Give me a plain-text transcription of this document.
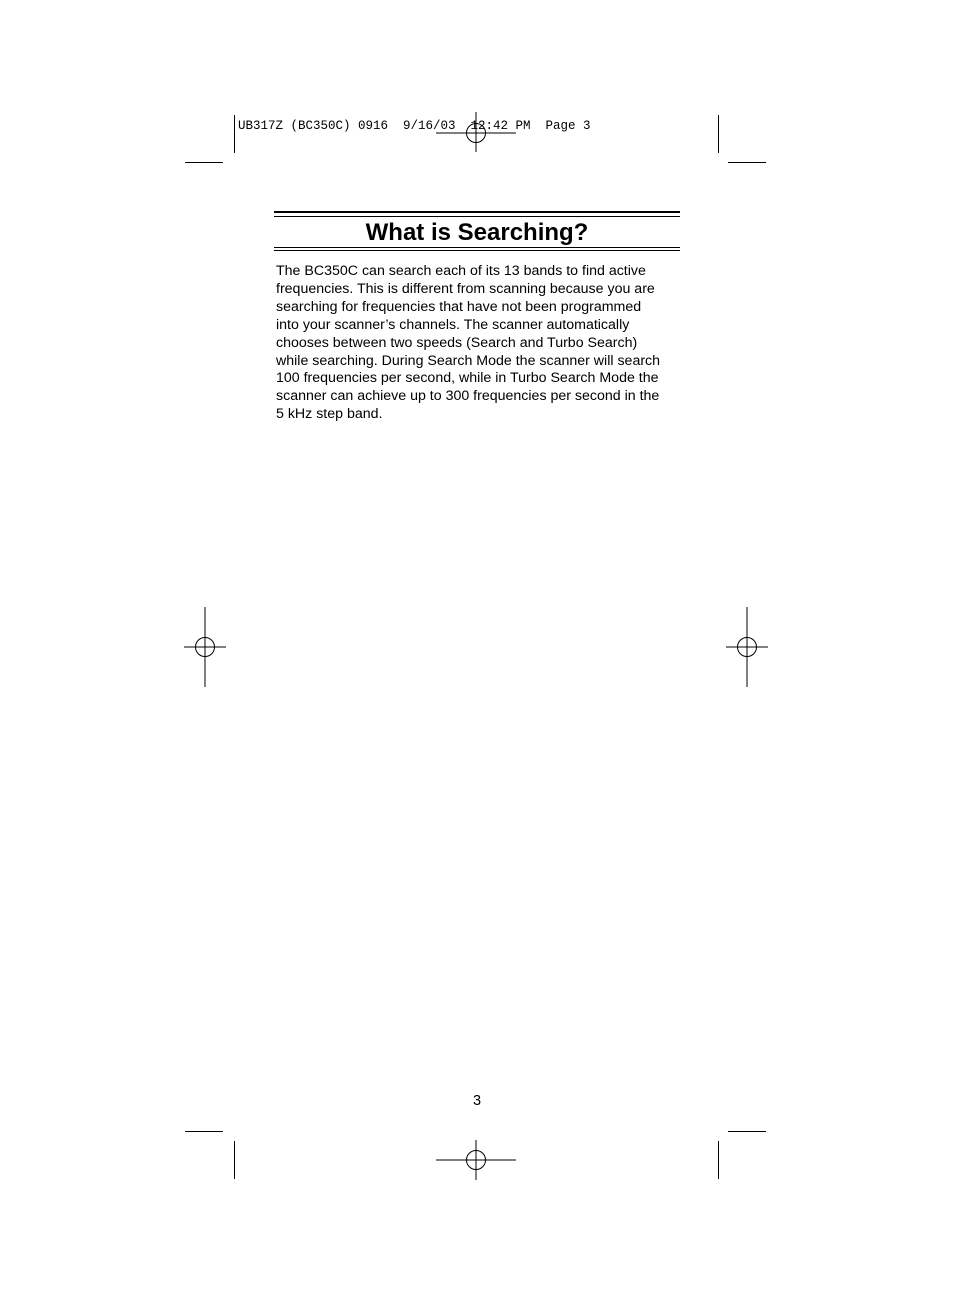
UB317Z (BC350C) 0916  9/16/03  12:42 PM  Page 3
What is Searching?

The BC350C can search each of its 13 bands to find active
frequencies. This is different from scanning because you are
searching for frequencies that have not been programmed
into your scanner’s channels. The scanner automatically
chooses between two speeds (Search and Turbo Search)
while searching. During Search Mode the scanner will search
100 frequencies per second, while in Turbo Search Mode the
scanner can achieve up to 300 frequencies per second in the
5 kHz step band.

3
